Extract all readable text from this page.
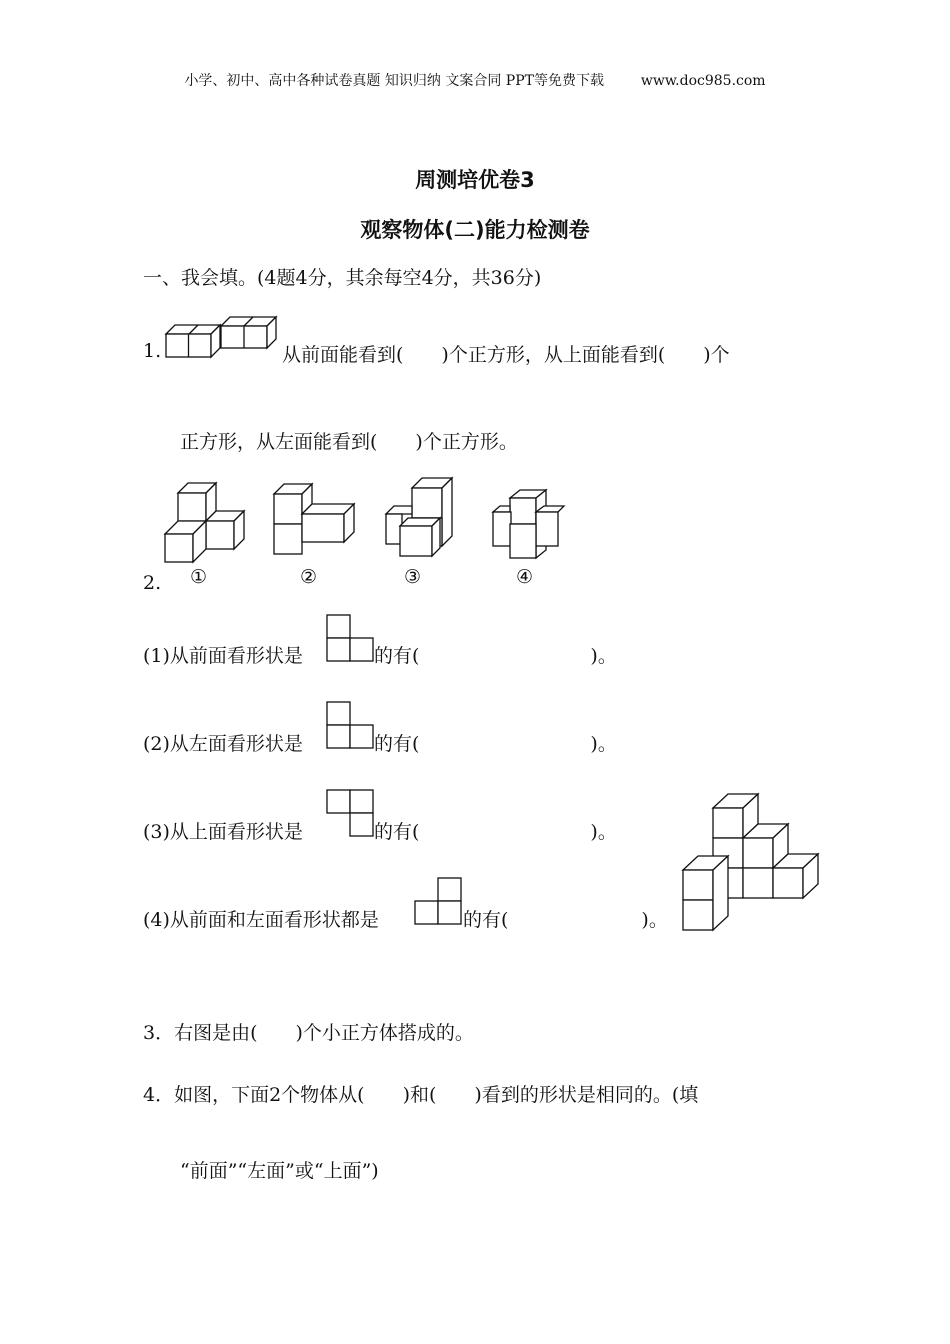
小学、初中、高中各种试卷真题 知识归纳 文案合同 PPT等免费下载	www.doc985.com
周测培优卷3
观察物体(二)能力检测卷
一、我会填。(4题4分，其余每空4分，共36分)
1.	从前面能看到(　　)个正方形，从上面能看到(　　)个
正方形，从左面能看到(　　)个正方形。
①	②	③	④
2.
(1)从前面看形状是	的有(　　　　　　　　　)。
(2)从左面看形状是	的有(　　　　　　　　　)。
(3)从上面看形状是	的有(　　　　　　　　　)。
(4)从前面和左面看形状都是	的有(　　　　　　　)。
3．右图是由(　　)个小正方体搭成的。
4．如图，下面2个物体从(　　)和(　　)看到的形状是相同的。(填
“前面”“左面”或“上面”)
